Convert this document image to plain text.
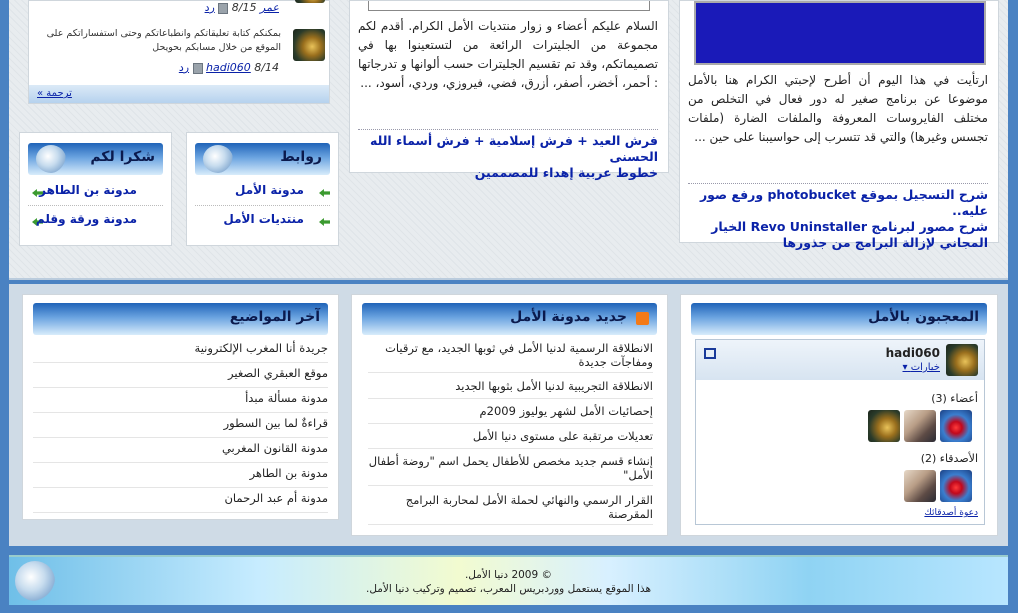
عمر 8/15  رد
بمكنكم كتابة تعليقاتكم وانطباعاتكم وحتى استفساراتكم على الموقع من خلال مسابكم بحويحل
hadi060 8/14  رد
ترجمة »
شكرا لكم
مدونة بن الطاهر
مدونة ورقة وقلم
روابط
مدونة الأمل
منتديات الأمل
السلام عليكم أعضاء و زوار منتديات الأمل الكرام. أقدم لكم مجموعة من الجليترات الرائعة من لتستعينوا بها في تصميماتكم، وقد تم تقسيم الجليترات حسب ألوانها و تدرجاتها : أحمر، أخضر، أصفر، أزرق، فضي، فيروزي، وردي، أسود، ...
فرش العيد + فرش إسلامية + فرش أسماء الله الحسنى
خطوط عربية إهداء للمصممين
ارتأيت في هذا اليوم أن أطرح لإحبتي الكرام هنا بالأمل موضوعا عن برنامج صغير له دور فعال في التخلص من مختلف الفايروسات المعروفة والملفات الضارة (ملفات تجسس وغيرها) والتي قد تتسرب إلى حواسيبنا على حين ...
شرح التسجيل بموقع photobucket ورفع صور عليه..
شرح مصور لبرنامج Revo Uninstaller الخيار
المجاني لإزالة البرامج من جذورها
آخر المواضيع
جريدة أنا المغرب الإلكترونية
موقع العبقري الصغير
مدونة مسألة مبدأ
قراءةٌ لما بين السطور
مدونة القانون المغربي
مدونة بن الطاهر
مدونة أم عبد الرحمان
جديد مدونة الأمل
الانطلاقة الرسمية لدنيا الأمل في ثوبها الجديد، مع ترقيات ومفاجآت جديدة
الانطلاقة التجريبية لدنيا الأمل بثوبها الجديد
إحصائيات الأمل لشهر يوليوز 2009م
تعديلات مرتقبة على مستوى دنيا الأمل
إنشاء قسم جديد مخصص للأطفال يحمل اسم "روضة أطفال الأمل"
القرار الرسمي والنهائي لحملة الأمل لمحاربة البرامج المقرصنة
المعجبون بالأمل
hadi060
خيارات ▾
أعضاء (3)
الأصدقاء (2)
دعوة أصدقائك
© 2009 دنيا الأمل.
هذا الموقع يستعمل ووردبريس المعرب، تصميم وتركيب دنيا الأمل.
